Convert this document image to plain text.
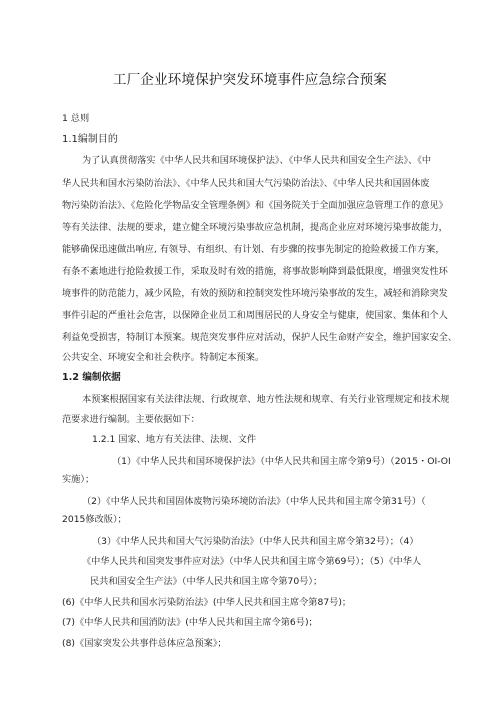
工厂企业环境保护突发环境事件应急综合预案
1 总则
1.1编制目的
为了认真贯彻落实《中华人民共和国环境保护法》、《中华人民共和国安全生产法》、《中
华人民共和国水污染防治法》、《中华人民共和国大气污染防治法》、《中华人民共和国固体废
物污染防治法》、《危险化学物品安全管理条例》和《国务院关于全面加强应急管理工作的意见》
等有关法律、法规的要求，建立健全环境污染事故应急机制，提高企业应对环境污染事故能力，
能够确保迅速做出响应, 有领导、有组织、有计划、有步骤的按事先制定的抢险救援工作方案，
有条不紊地进行抢险救援工作，采取及时有效的措施，将事故影响降到最低限度，增强突发性环
境事件的防范能力，减少风险，有效的预防和控制突发性环境污染事故的发生，减轻和消除突发
事件引起的严重社会危害，以保障企业员工和周围居民的人身安全与健康，使国家、集体和个人
利益免受损害，特制订本预案。规范突发事件应对活动，保护人民生命财产安全，维护国家安全、
公共安全、环境安全和社会秩序。特制定本预案。
1.2 编制依据
本预案根据国家有关法律法规、行政规章、地方性法规和规章、有关行业管理规定和技术规
范要求进行编制。主要依据如下：
1.2.1 国家、地方有关法律、法规、文件
（1）《中华人民共和国环境保护法》（中华人民共和国主席令第9号）（2015・OI-OI
实施）；
（2）《中华人民共和国固体废物污染环境防治法》（中华人民共和国主席令第31号）（
2015修改版）；
（3）《中华人民共和国大气污染防治法》（中华人民共和国主席令第32号）；（4）
《中华人民共和国突发事件应对法》（中华人民共和国主席令第69号）；（5）《中华人
民共和国安全生产法》（中华人民共和国主席令第70号）；
(6)《中华人民共和国水污染防治法》(中华人民共和国主席令第87号)；
(7)《中华人民共和国消防法》(中华人民共和国主席令第6号)；
(8)《国家突发公共事件总体应急预案》；
